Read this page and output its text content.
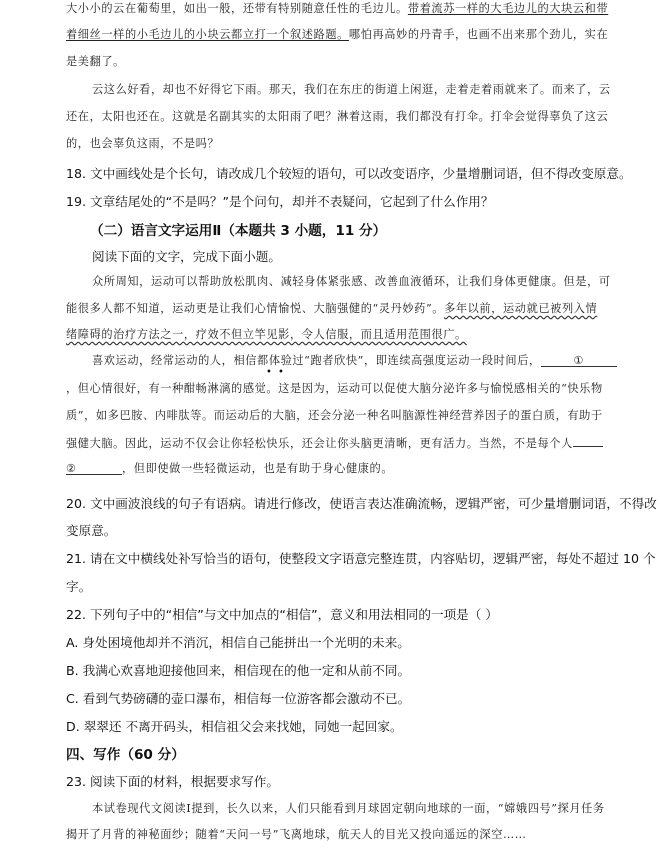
大小小的云在葡萄里，如出一般，还带有特别随意任性的毛边儿。带着流苏一样的大毛边儿的大块云和带

着细丝一样的小毛边儿的小块云都立打一个叙述路题。哪怕再高妙的丹青手，也画不出来那个劲儿，实在

是美翻了。

云这么好看，却也不好得它下雨。那天，我们在东庄的街道上闲逛，走着走着雨就来了。而来了，云

还在，太阳也还在。这就是名副其实的太阳雨了吧？淋着这雨，我们都没有打伞。打伞会觉得辜负了这云

的，也会辜负这雨，不是吗？

18. 文中画线处是个长句，请改成几个较短的语句，可以改变语序，少量增删词语，但不得改变原意。

19. 文章结尾处的“不是吗？”是个问句，却并不表疑问，它起到了什么作用？

（二）语言文字运用Ⅱ（本题共 3 小题，11 分）

阅读下面的文字，完成下面小题。

众所周知，运动可以帮助放松肌肉、减轻身体紧张感、改善血液循环，让我们身体更健康。但是，可

能很多人都不知道，运动更是让我们心情愉悦、大脑强健的“灵丹妙药”。多年以前，运动就已被列入情

绪障碍的治疗方法之一，疗效不但立竿见影，令人信服，而且适用范围很广。

喜欢运动，经常运动的人，相信都体验过“跑者欣快”，即连续高强度运动一段时间后，	①

• •

，但心情很好，有一种酣畅淋漓的感觉。这是因为，运动可以促使大脑分泌许多与愉悦感相关的“快乐物

质”，如多巴胺、内啡肽等。而运动后的大脑，还会分泌一种名叫脑源性神经营养因子的蛋白质，有助于

强健大脑。因此，运动不仅会让你轻松快乐，还会让你头脑更清晰，更有活力。当然，不是每个人

②	，但即使做一些轻微运动，也是有助于身心健康的。

20. 文中画波浪线的句子有语病。请进行修改，使语言表达准确流畅，逻辑严密，可少量增删词语，不得改

变原意。

21. 请在文中横线处补写恰当的语句，使整段文字语意完整连贯，内容贴切，逻辑严密，每处不超过 10 个

字。

22. 下列句子中的“相信”与文中加点的“相信”，意义和用法相同的一项是（ ）

A. 身处困境他却并不消沉，相信自己能拼出一个光明的未来。

B. 我满心欢喜地迎接他回来，相信现在的他一定和从前不同。

C. 看到气势磅礴的壶口瀑布，相信每一位游客都会激动不已。

D. 翠翠还 不离开码头，相信祖父会来找她，同她一起回家。

四、写作（60 分）

23. 阅读下面的材料，根据要求写作。

本试卷现代文阅读Ⅰ提到，长久以来，人们只能看到月球固定朝向地球的一面，“嫦娥四号”探月任务

揭开了月背的神秘面纱；随着“天问一号”飞离地球，航天人的目光又投向遥远的深空……
